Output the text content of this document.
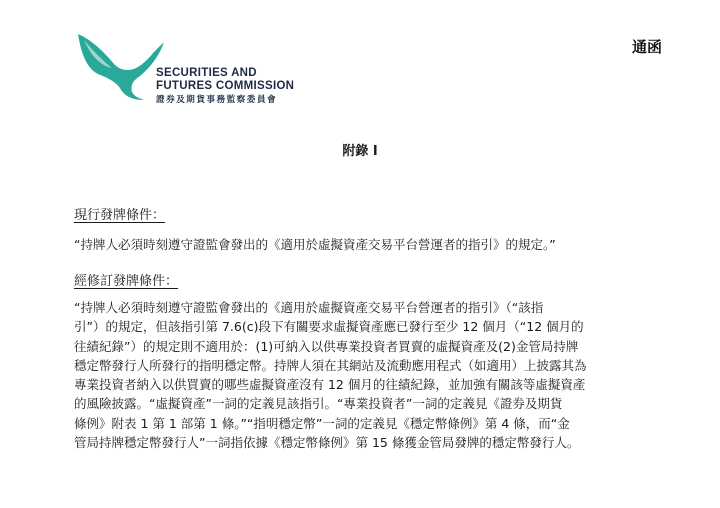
SECURITIES AND
FUTURES COMMISSION
證券及期貨事務監察委員會
通函
附錄 I
現行發牌條件：
“持牌人必須時刻遵守證監會發出的《適用於虛擬資產交易平台營運者的指引》的規定。”
經修訂發牌條件：
“持牌人必須時刻遵守證監會發出的《適用於虛擬資產交易平台營運者的指引》（“該指
引”）的規定，但該指引第 7.6(c)段下有關要求虛擬資產應已發行至少 12 個月（“12 個月的
往績紀錄”）的規定則不適用於：(1)可納入以供專業投資者買賣的虛擬資產及(2)金管局持牌
穩定幣發行人所發行的指明穩定幣。持牌人須在其網站及流動應用程式（如適用）上披露其為
專業投資者納入以供買賣的哪些虛擬資產沒有 12 個月的往績紀錄，並加強有關該等虛擬資產
的風險披露。“虛擬資產”一詞的定義見該指引。“專業投資者”一詞的定義見《證券及期貨
條例》附表 1 第 1 部第 1 條。”“指明穩定幣”一詞的定義見《穩定幣條例》第 4 條，而“金
管局持牌穩定幣發行人”一詞指依據《穩定幣條例》第 15 條獲金管局發牌的穩定幣發行人。
